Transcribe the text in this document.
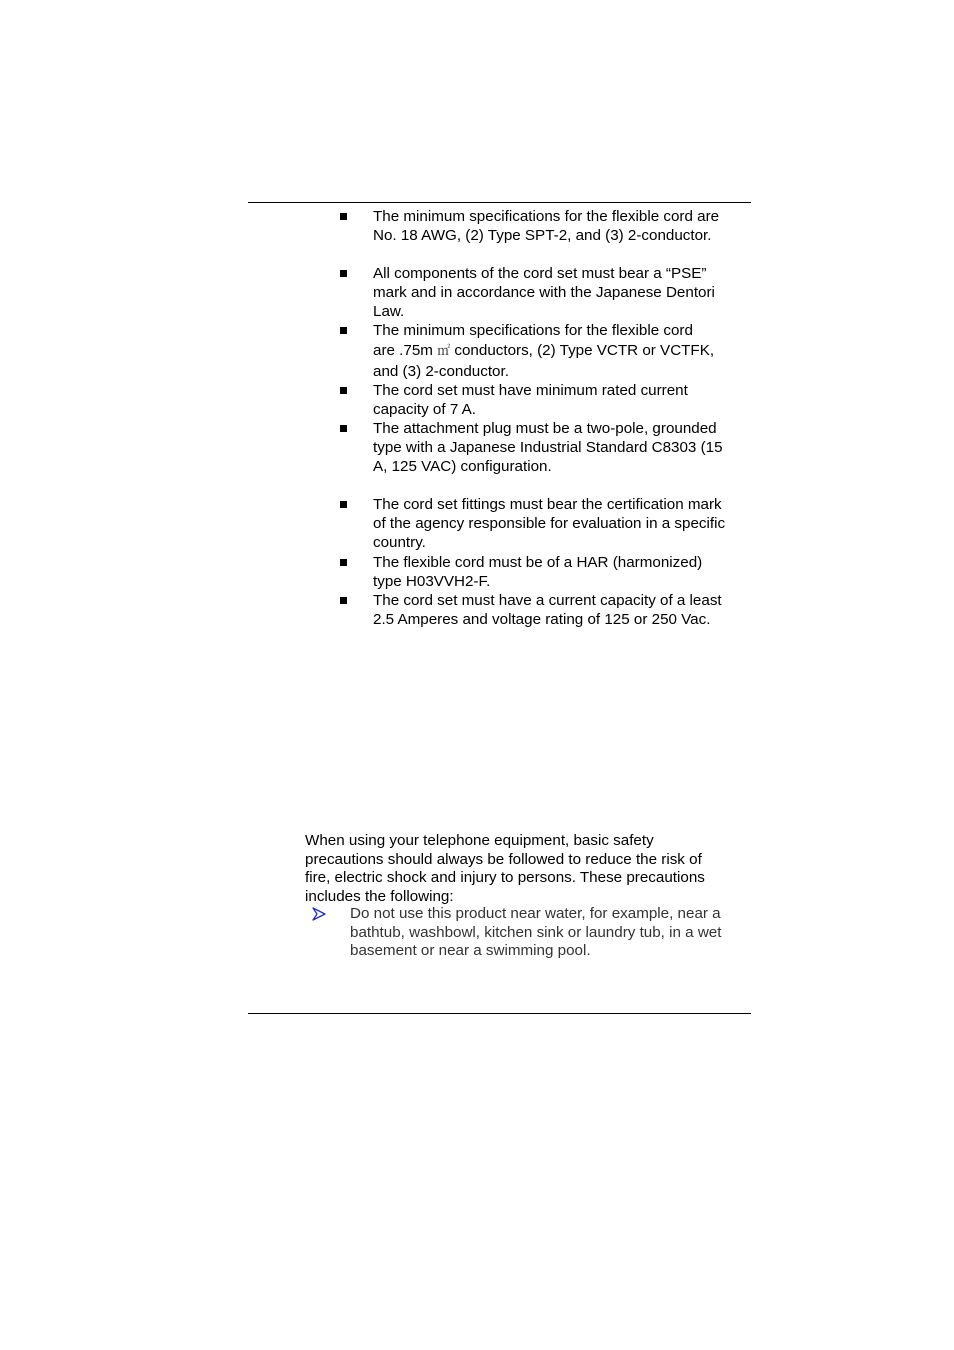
The minimum specifications for the flexible cord are
No. 18 AWG, (2) Type SPT-2, and (3) 2-conductor.
All components of the cord set must bear a “PSE”
mark and in accordance with the Japanese Dentori
Law.
The minimum specifications for the flexible cord
are .75m ㎡ conductors, (2) Type VCTR or VCTFK,
and (3) 2-conductor.
The cord set must have minimum rated current
capacity of 7 A.
The attachment plug must be a two-pole, grounded
type with a Japanese Industrial Standard C8303 (15
A, 125 VAC) configuration.
The cord set fittings must bear the certification mark
of the agency responsible for evaluation in a specific
country.
The flexible cord must be of a HAR (harmonized)
type H03VVH2-F.
The cord set must have a current capacity of a least
2.5 Amperes and voltage rating of 125 or 250 Vac.
When using your telephone equipment, basic safety
precautions should always be followed to reduce the risk of
fire, electric shock and injury to persons. These precautions
includes the following:
Do not use this product near water, for example, near a
bathtub, washbowl, kitchen sink or laundry tub, in a wet
basement or near a swimming pool.
